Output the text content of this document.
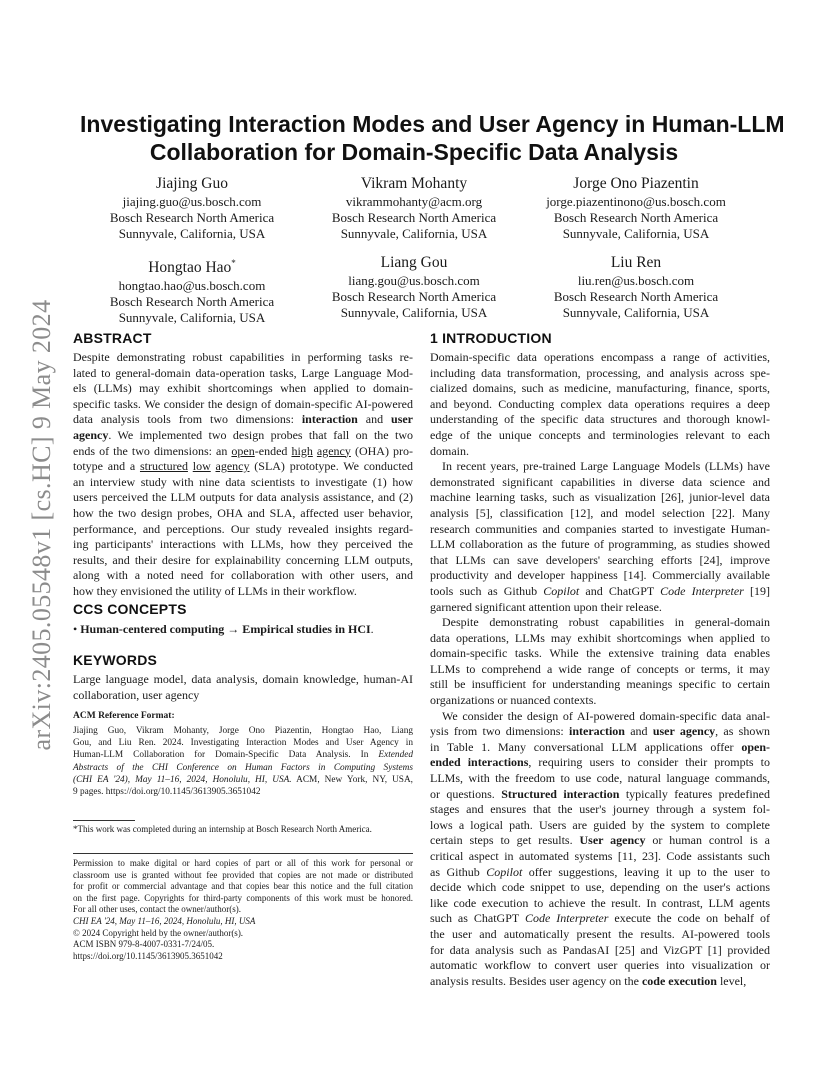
arXiv:2405.05548v1 [cs.HC] 9 May 2024
Investigating Interaction Modes and User Agency in Human-LLM
Collaboration for Domain-Specific Data Analysis
Jiajing Guo
jiajing.guo@us.bosch.com
Bosch Research North America
Sunnyvale, California, USA
Vikram Mohanty
vikrammohanty@acm.org
Bosch Research North America
Sunnyvale, California, USA
Jorge Ono Piazentin
jorge.piazentinono@us.bosch.com
Bosch Research North America
Sunnyvale, California, USA
Hongtao Hao*
hongtao.hao@us.bosch.com
Bosch Research North America
Sunnyvale, California, USA
Liang Gou
liang.gou@us.bosch.com
Bosch Research North America
Sunnyvale, California, USA
Liu Ren
liu.ren@us.bosch.com
Bosch Research North America
Sunnyvale, California, USA
ABSTRACT
Despite demonstrating robust capabilities in performing tasks re-
lated to general-domain data-operation tasks, Large Language Mod-
els (LLMs) may exhibit shortcomings when applied to domain-
specific tasks. We consider the design of domain-specific AI-powered
data analysis tools from two dimensions: interaction and user
agency. We implemented two design probes that fall on the two
ends of the two dimensions: an open-ended high agency (OHA) pro-
totype and a structured low agency (SLA) prototype. We conducted
an interview study with nine data scientists to investigate (1) how
users perceived the LLM outputs for data analysis assistance, and (2)
how the two design probes, OHA and SLA, affected user behavior,
performance, and perceptions. Our study revealed insights regard-
ing participants' interactions with LLMs, how they perceived the
results, and their desire for explainability concerning LLM outputs,
along with a noted need for collaboration with other users, and
how they envisioned the utility of LLMs in their workflow.
CCS CONCEPTS
• Human-centered computing → Empirical studies in HCI.
KEYWORDS
Large language model, data analysis, domain knowledge, human-AI
collaboration, user agency
ACM Reference Format:
Jiajing Guo, Vikram Mohanty, Jorge Ono Piazentin, Hongtao Hao, Liang
Gou, and Liu Ren. 2024. Investigating Interaction Modes and User Agency in
Human-LLM Collaboration for Domain-Specific Data Analysis. In Extended
Abstracts of the CHI Conference on Human Factors in Computing Systems
(CHI EA '24), May 11–16, 2024, Honolulu, HI, USA. ACM, New York, NY, USA,
9 pages. https://doi.org/10.1145/3613905.3651042
*This work was completed during an internship at Bosch Research North America.
Permission to make digital or hard copies of part or all of this work for personal or
classroom use is granted without fee provided that copies are not made or distributed
for profit or commercial advantage and that copies bear this notice and the full citation
on the first page. Copyrights for third-party components of this work must be honored.
For all other uses, contact the owner/author(s).
CHI EA '24, May 11–16, 2024, Honolulu, HI, USA
© 2024 Copyright held by the owner/author(s).
ACM ISBN 979-8-4007-0331-7/24/05.
https://doi.org/10.1145/3613905.3651042
1 INTRODUCTION
Domain-specific data operations encompass a range of activities,
including data transformation, processing, and analysis across spe-
cialized domains, such as medicine, manufacturing, finance, sports,
and beyond. Conducting complex data operations requires a deep
understanding of the specific data structures and thorough knowl-
edge of the unique concepts and terminologies relevant to each
domain.
In recent years, pre-trained Large Language Models (LLMs) have
demonstrated significant capabilities in diverse data science and
machine learning tasks, such as visualization [26], junior-level data
analysis [5], classification [12], and model selection [22]. Many
research communities and companies started to investigate Human-
LLM collaboration as the future of programming, as studies showed
that LLMs can save developers' searching efforts [24], improve
productivity and developer happiness [14]. Commercially available
tools such as Github Copilot and ChatGPT Code Interpreter [19]
garnered significant attention upon their release.
Despite demonstrating robust capabilities in general-domain
data operations, LLMs may exhibit shortcomings when applied to
domain-specific tasks. While the extensive training data enables
LLMs to comprehend a wide range of concepts or terms, it may
still be insufficient for understanding meanings specific to certain
organizations or nuanced contexts.
We consider the design of AI-powered domain-specific data anal-
ysis from two dimensions: interaction and user agency, as shown
in Table 1. Many conversational LLM applications offer open-
ended interactions, requiring users to consider their prompts to
LLMs, with the freedom to use code, natural language commands,
or questions. Structured interaction typically features predefined
stages and ensures that the user's journey through a system fol-
lows a logical path. Users are guided by the system to complete
certain steps to get results. User agency or human control is a
critical aspect in automated systems [11, 23]. Code assistants such
as Github Copilot offer suggestions, leaving it up to the user to
decide which code snippet to use, depending on the user's actions
like code execution to achieve the result. In contrast, LLM agents
such as ChatGPT Code Interpreter execute the code on behalf of
the user and automatically present the results. AI-powered tools
for data analysis such as PandasAI [25] and VizGPT [1] provided
automatic workflow to convert user queries into visualization or
analysis results. Besides user agency on the code execution level,
